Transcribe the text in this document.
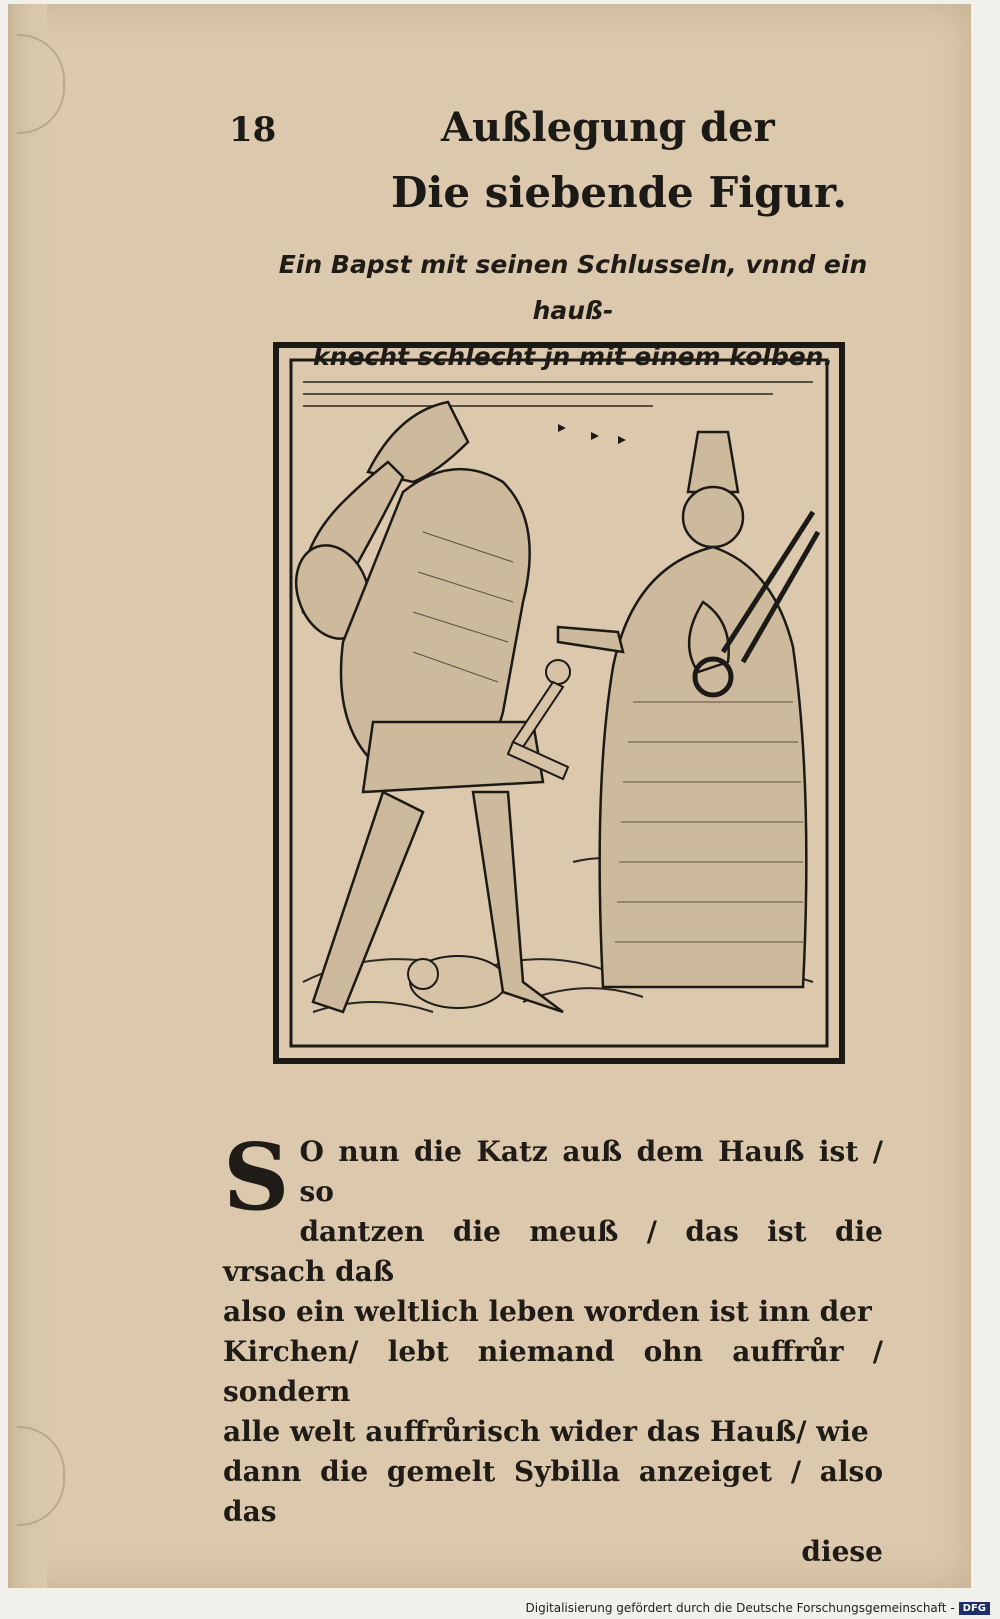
18	Außlegung der
Die siebende Figur.
Ein Bapst mit seinen Schlusseln, vnnd ein hauß-
knecht schlecht jn mit einem kolben.
S O nun die Katz auß dem Hauß ist / so
dantzen die meuß / das ist die vrsach daß
also ein weltlich leben worden ist inn der
Kirchen/ lebt niemand ohn auffrůr / sondern
alle welt auffrůrisch wider das Hauß/ wie
dann die gemelt Sybilla anzeiget / also das
diese
Digitalisierung gefördert durch die Deutsche Forschungsgemeinschaft - DFG
